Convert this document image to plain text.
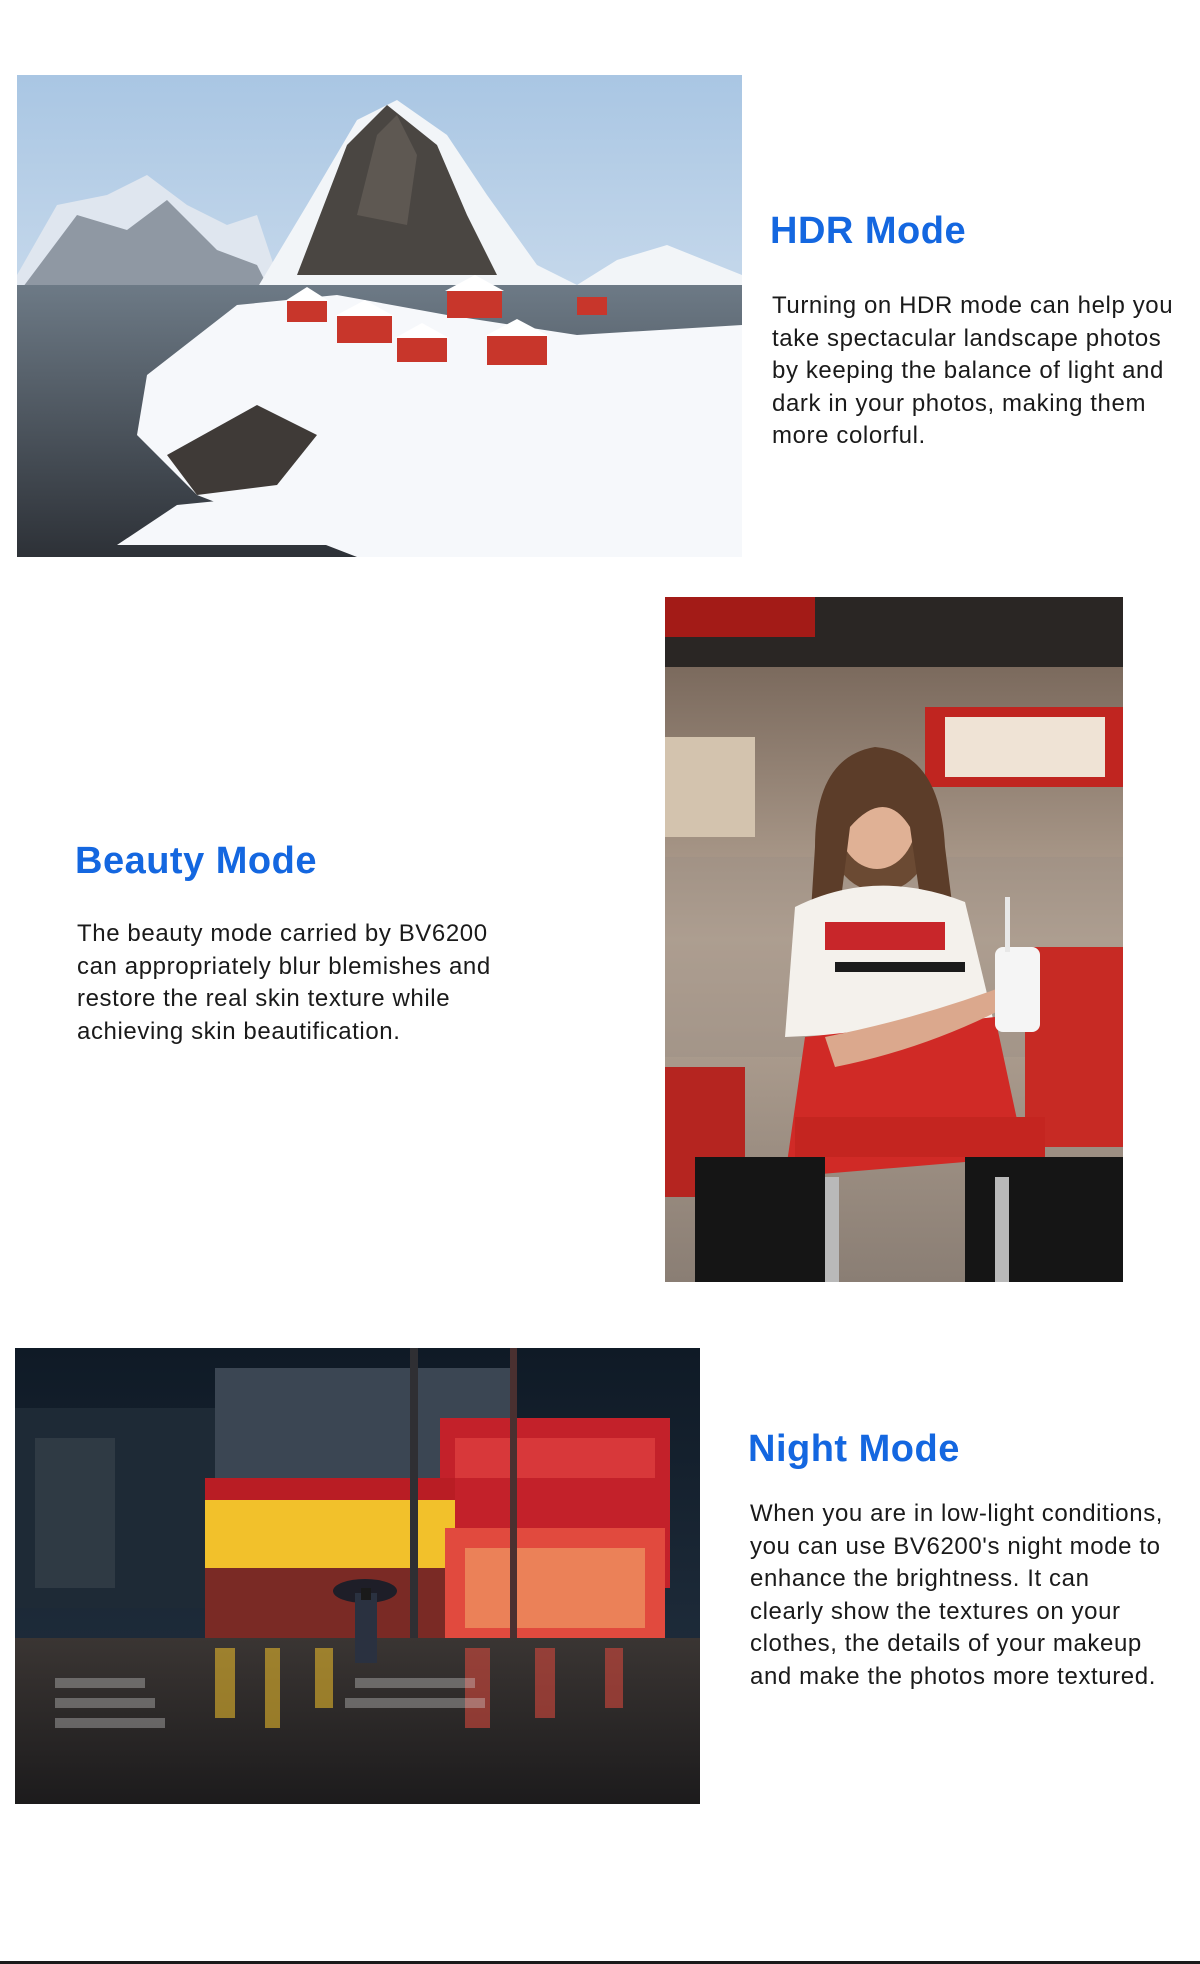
HDR Mode

Turning on HDR mode can help you take spectacular landscape photos by keeping the balance of light and dark in your photos, making them more colorful.

Beauty Mode

The beauty mode carried by BV6200 can appropriately blur blemishes and restore the real skin texture while achieving skin beautification.

Night Mode

When you are in low-light conditions, you can use BV6200's night mode to enhance the brightness. It can clearly show the textures on your clothes, the details of your makeup and make the photos more textured.
